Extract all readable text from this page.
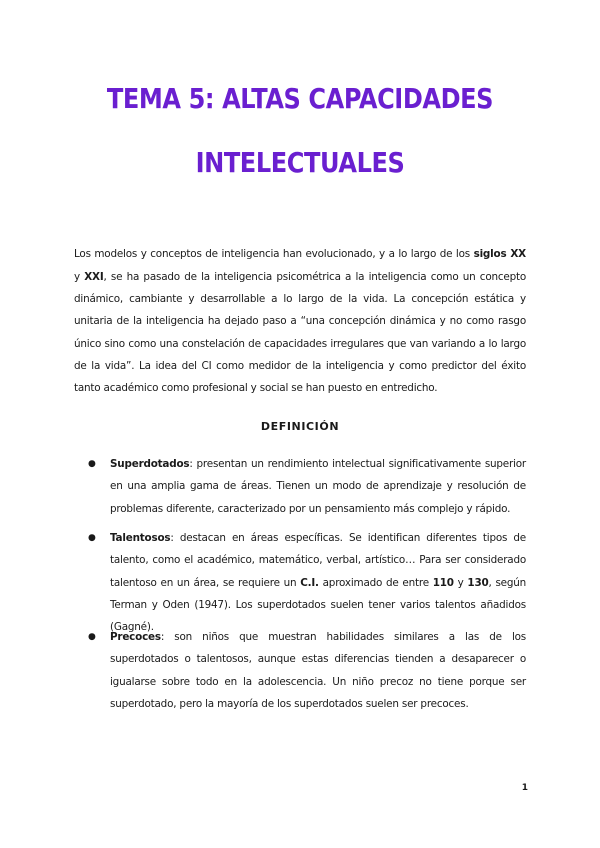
TEMA 5: ALTAS CAPACIDADES
INTELECTUALES

Los modelos y conceptos de inteligencia han evolucionado, y a lo largo de los siglos XX y XXI, se ha pasado de la inteligencia psicométrica a la inteligencia como un concepto dinámico, cambiante y desarrollable a lo largo de la vida. La concepción estática y unitaria de la inteligencia ha dejado paso a “una concepción dinámica y no como rasgo único sino como una constelación de capacidades irregulares que van variando a lo largo de la vida”. La idea del CI como medidor de la inteligencia y como predictor del éxito tanto académico como profesional y social se han puesto en entredicho.

DEFINICIÓN
● Superdotados: presentan un rendimiento intelectual significativamente superior en una amplia gama de áreas. Tienen un modo de aprendizaje y resolución de problemas diferente, caracterizado por un pensamiento más complejo y rápido.
● Talentosos: destacan en áreas específicas. Se identifican diferentes tipos de talento, como el académico, matemático, verbal, artístico… Para ser considerado talentoso en un área, se requiere un C.I. aproximado de entre 110 y 130, según Terman y Oden (1947). Los superdotados suelen tener varios talentos añadidos (Gagné).
● Precoces: son niños que muestran habilidades similares a las de los superdotados o talentosos, aunque estas diferencias tienden a desaparecer o igualarse sobre todo en la adolescencia. Un niño precoz no tiene porque ser superdotado, pero la mayoría de los superdotados suelen ser precoces.
1
